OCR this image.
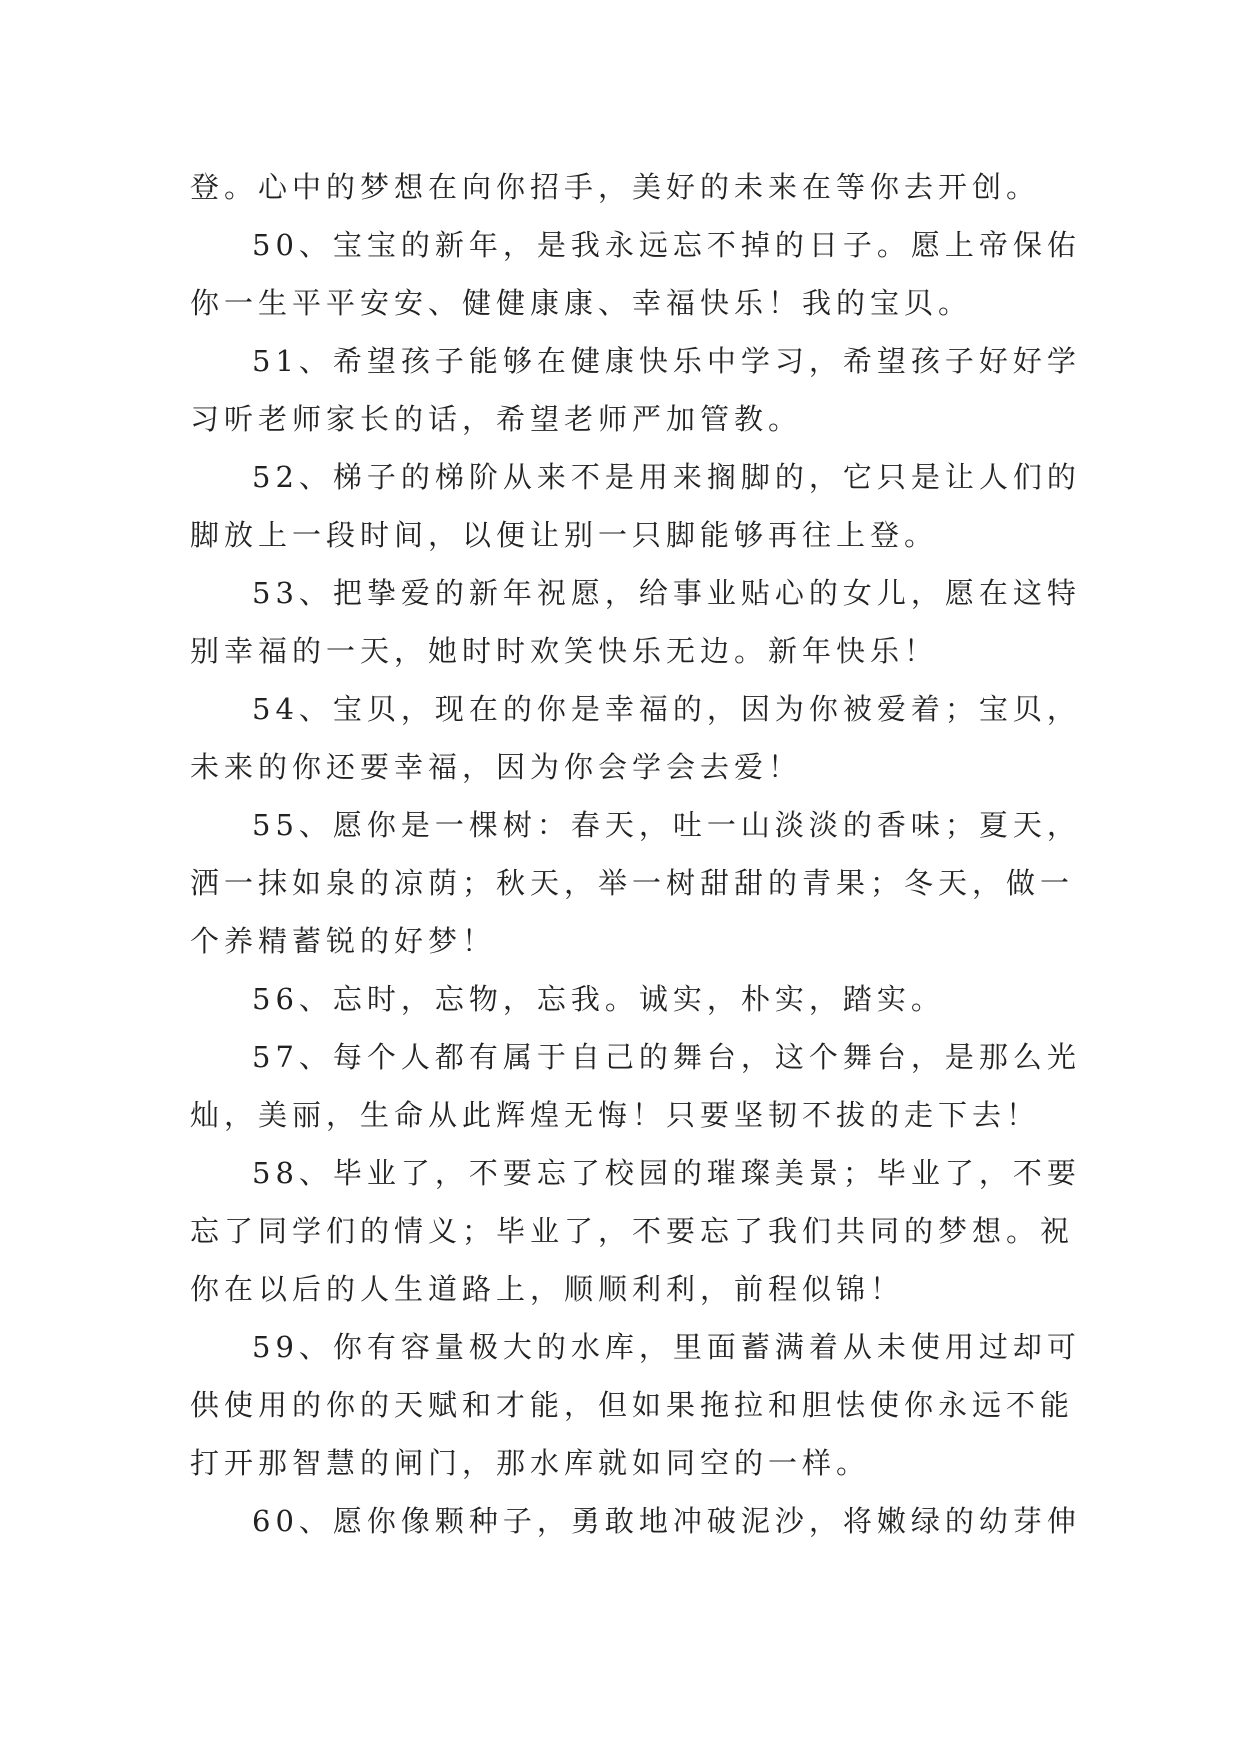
登。心中的梦想在向你招手，美好的未来在等你去开创。
50、宝宝的新年，是我永远忘不掉的日子。愿上帝保佑
你一生平平安安、健健康康、幸福快乐！我的宝贝。
51、希望孩子能够在健康快乐中学习，希望孩子好好学
习听老师家长的话，希望老师严加管教。
52、梯子的梯阶从来不是用来搁脚的，它只是让人们的
脚放上一段时间，以便让别一只脚能够再往上登。
53、把挚爱的新年祝愿，给事业贴心的女儿，愿在这特
别幸福的一天，她时时欢笑快乐无边。新年快乐！
54、宝贝，现在的你是幸福的，因为你被爱着；宝贝，
未来的你还要幸福，因为你会学会去爱！
55、愿你是一棵树：春天，吐一山淡淡的香味；夏天，
洒一抹如泉的凉荫；秋天，举一树甜甜的青果；冬天，做一
个养精蓄锐的好梦！
56、忘时，忘物，忘我。诚实，朴实，踏实。
57、每个人都有属于自己的舞台，这个舞台，是那么光
灿，美丽，生命从此辉煌无悔！只要坚韧不拔的走下去！
58、毕业了，不要忘了校园的璀璨美景；毕业了，不要
忘了同学们的情义；毕业了，不要忘了我们共同的梦想。祝
你在以后的人生道路上，顺顺利利，前程似锦！
59、你有容量极大的水库，里面蓄满着从未使用过却可
供使用的你的天赋和才能，但如果拖拉和胆怯使你永远不能
打开那智慧的闸门，那水库就如同空的一样。
60、愿你像颗种子，勇敢地冲破泥沙，将嫩绿的幼芽伸
